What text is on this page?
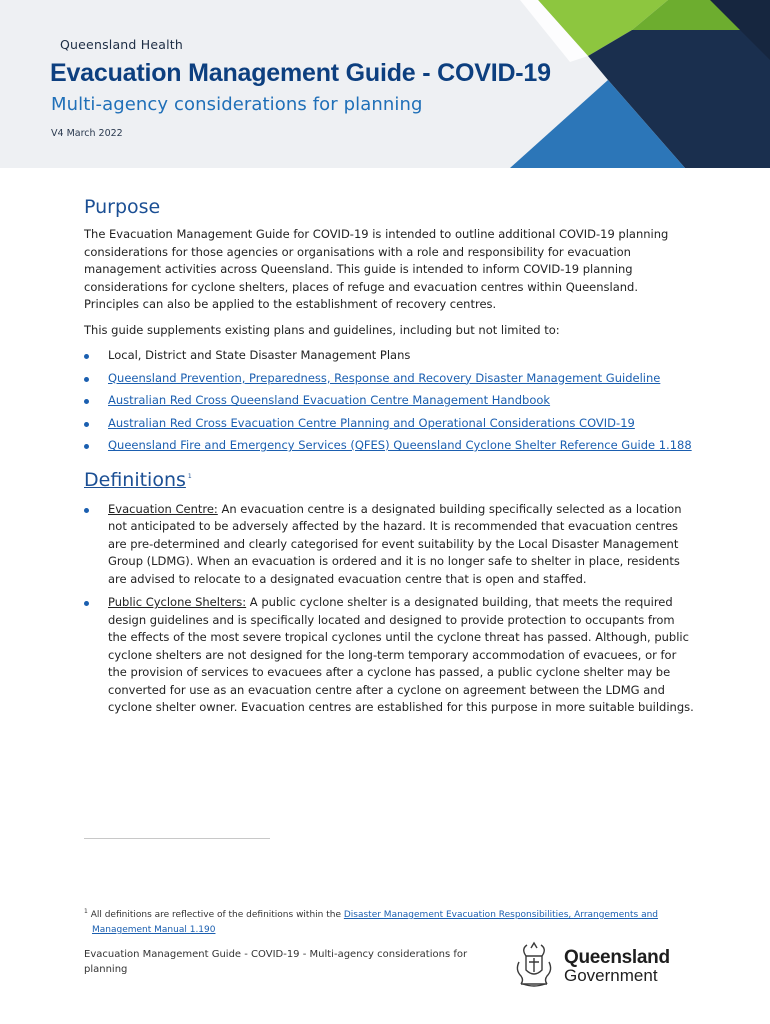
Queensland Health
Evacuation Management Guide - COVID-19
Multi-agency considerations for planning
V4 March 2022
Purpose

The Evacuation Management Guide for COVID-19 is intended to outline additional COVID-19 planning considerations for those agencies or organisations with a role and responsibility for evacuation management activities across Queensland. This guide is intended to inform COVID-19 planning considerations for cyclone shelters, places of refuge and evacuation centres within Queensland. Principles can also be applied to the establishment of recovery centres.

This guide supplements existing plans and guidelines, including but not limited to:

Local, District and State Disaster Management Plans
Queensland Prevention, Preparedness, Response and Recovery Disaster Management Guideline
Australian Red Cross Queensland Evacuation Centre Management Handbook
Australian Red Cross Evacuation Centre Planning and Operational Considerations COVID-19
Queensland Fire and Emergency Services (QFES) Queensland Cyclone Shelter Reference Guide 1.188
Definitions $^1$
Evacuation Centre: An evacuation centre is a designated building specifically selected as a location not anticipated to be adversely affected by the hazard. It is recommended that evacuation centres are pre-determined and clearly categorised for event suitability by the Local Disaster Management Group (LDMG). When an evacuation is ordered and it is no longer safe to shelter in place, residents are advised to relocate to a designated evacuation centre that is open and staffed.
Public Cyclone Shelters: A public cyclone shelter is a designated building, that meets the required design guidelines and is specifically located and designed to provide protection to occupants from the effects of the most severe tropical cyclones until the cyclone threat has passed. Although, public cyclone shelters are not designed for the long-term temporary accommodation of evacuees, or for the provision of services to evacuees after a cyclone has passed, a public cyclone shelter may be converted for use as an evacuation centre after a cyclone on agreement between the LDMG and cyclone shelter owner. Evacuation centres are established for this purpose in more suitable buildings.
$^1$ All definitions are reflective of the definitions within the Disaster Management Evacuation Responsibilities, Arrangements and
Management Manual 1.190
Evacuation Management Guide - COVID-19 - Multi-agency considerations for planning
Queensland
Government
